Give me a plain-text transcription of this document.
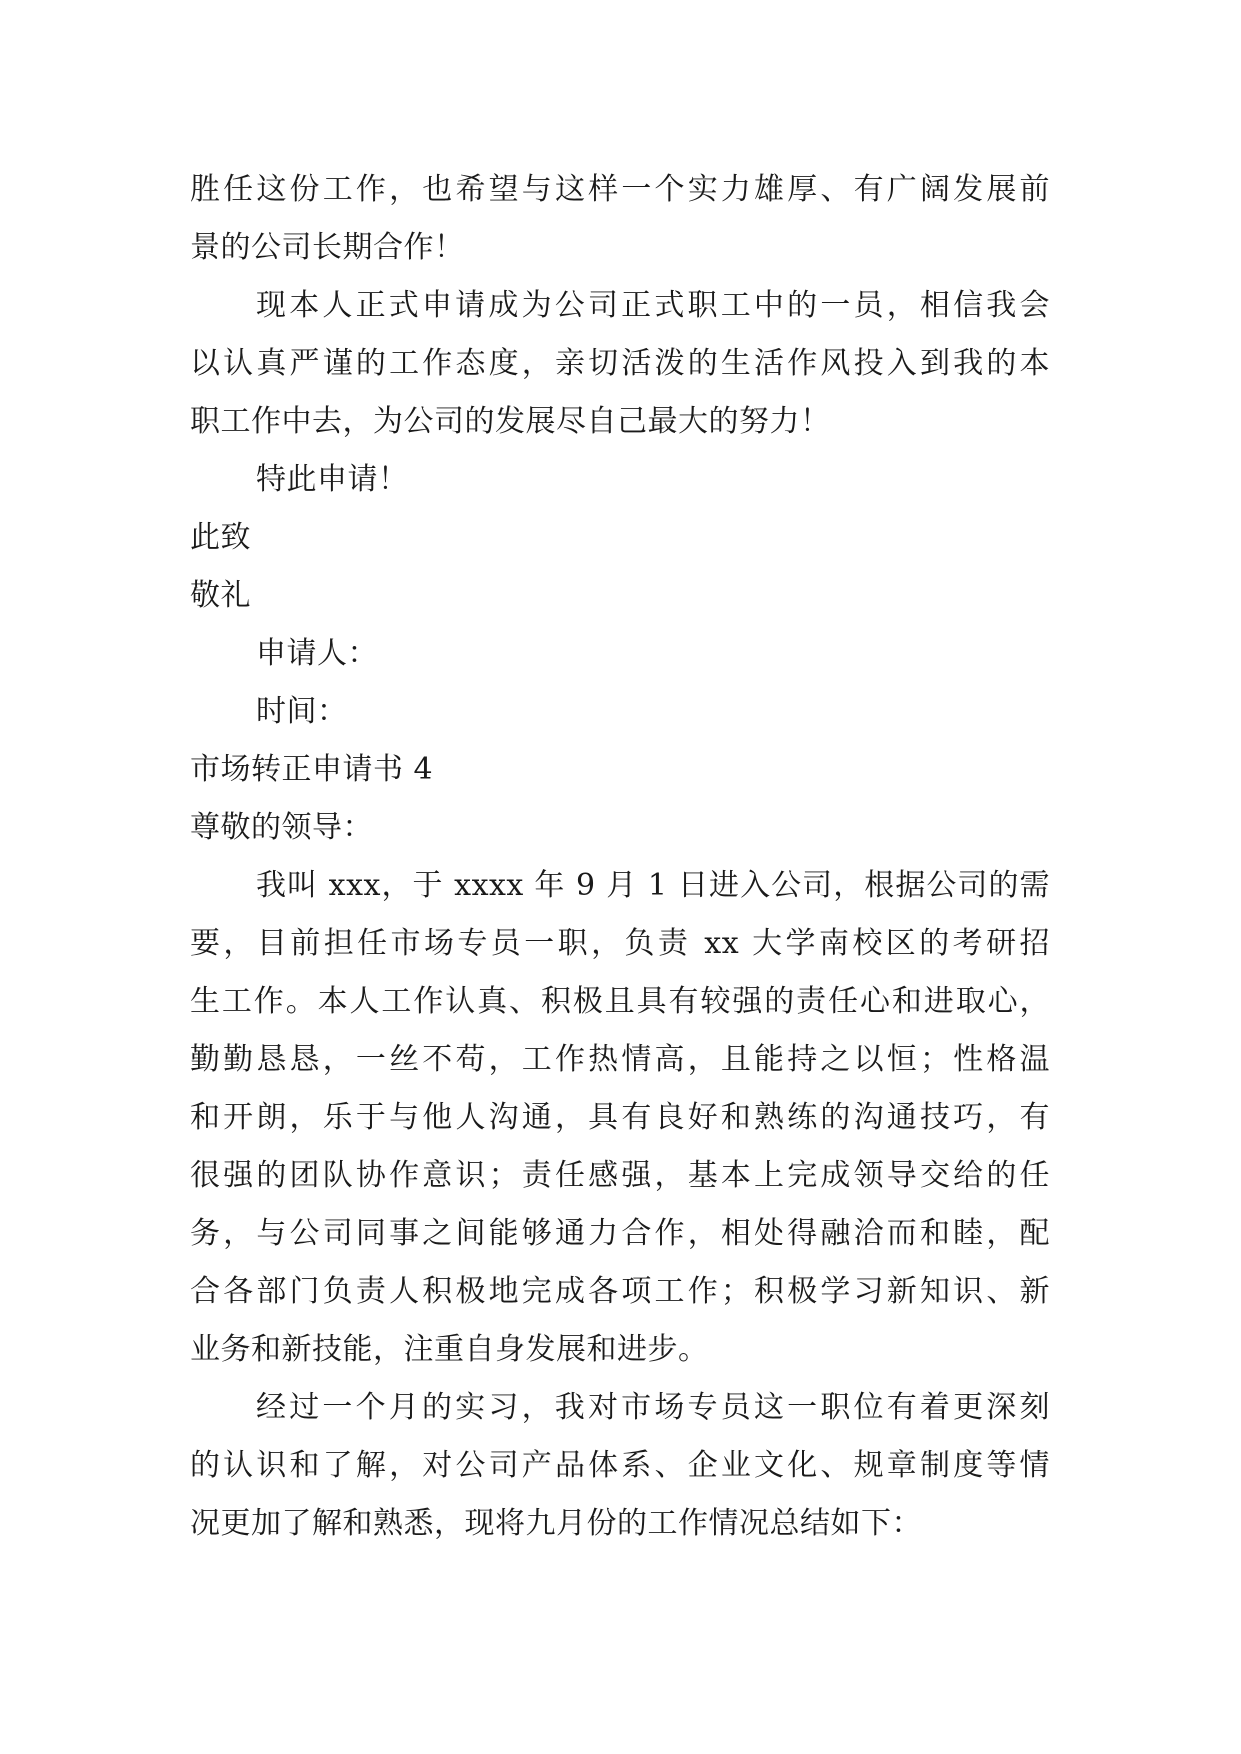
胜任这份工作，也希望与这样一个实力雄厚、有广阔发展前
景的公司长期合作！
现本人正式申请成为公司正式职工中的一员，相信我会
以认真严谨的工作态度，亲切活泼的生活作风投入到我的本
职工作中去，为公司的发展尽自己最大的努力！
特此申请！
此致
敬礼
申请人：
时间：
市场转正申请书 4
尊敬的领导：
我叫 xxx，于 xxxx 年 9 月 1 日进入公司，根据公司的需
要，目前担任市场专员一职，负责 xx 大学南校区的考研招
生工作。本人工作认真、积极且具有较强的责任心和进取心，
勤勤恳恳，一丝不苟，工作热情高，且能持之以恒；性格温
和开朗，乐于与他人沟通，具有良好和熟练的沟通技巧，有
很强的团队协作意识；责任感强，基本上完成领导交给的任
务，与公司同事之间能够通力合作，相处得融洽而和睦，配
合各部门负责人积极地完成各项工作；积极学习新知识、新
业务和新技能，注重自身发展和进步。
经过一个月的实习，我对市场专员这一职位有着更深刻
的认识和了解，对公司产品体系、企业文化、规章制度等情
况更加了解和熟悉，现将九月份的工作情况总结如下：
